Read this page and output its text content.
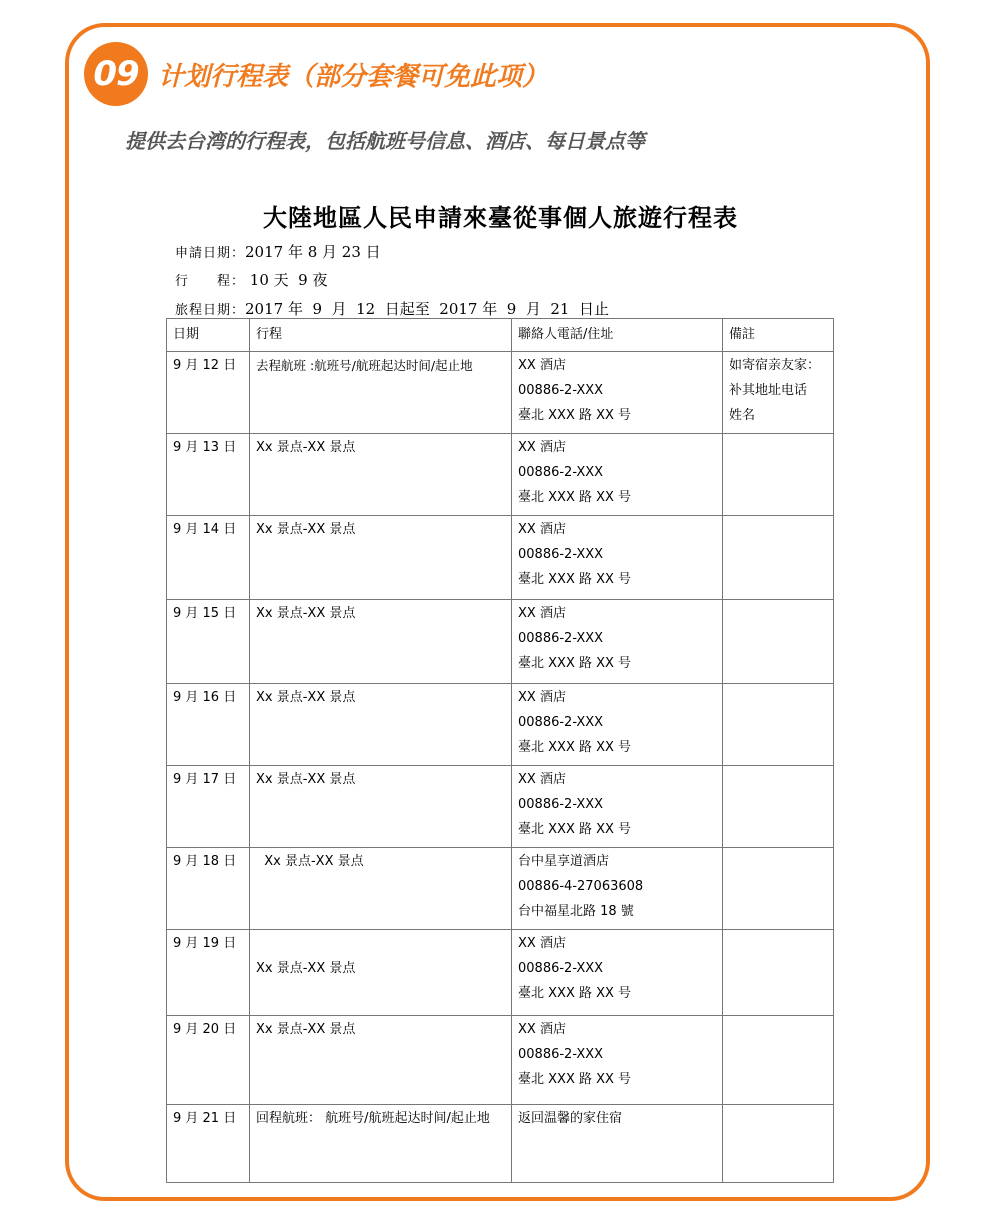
09 计划行程表（部分套餐可免此项）
提供去台湾的行程表，包括航班号信息、酒店、每日景点等
大陸地區人民申請來臺從事個人旅遊行程表
申請日期：2017 年 8 月 23 日
行　　程： 10 天  9 夜
旅程日期：2017 年  9  月  12  日起至  2017 年  9  月  21  日止
日期	行程	聯絡人電話/住址	備註
9 月 12 日	去程航班 :航班号/航班起达时间/起止地	XX 酒店
00886-2-XXX
臺北 XXX 路 XX 号	如寄宿亲友家：
补其地址电话
姓名

9 月 13 日	Xx 景点-XX 景点	XX 酒店
00886-2-XXX
臺北 XXX 路 XX 号	

9 月 14 日	Xx 景点-XX 景点	XX 酒店
00886-2-XXX
臺北 XXX 路 XX 号	

9 月 15 日	Xx 景点-XX 景点	XX 酒店
00886-2-XXX
臺北 XXX 路 XX 号	

9 月 16 日	Xx 景点-XX 景点	XX 酒店
00886-2-XXX
臺北 XXX 路 XX 号	

9 月 17 日	Xx 景点-XX 景点	XX 酒店
00886-2-XXX
臺北 XXX 路 XX 号	

9 月 18 日	Xx 景点-XX 景点	台中星享道酒店
00886-4-27063608
台中福星北路 18 號	

9 月 19 日	Xx 景点-XX 景点	XX 酒店
00886-2-XXX
臺北 XXX 路 XX 号	

9 月 20 日	Xx 景点-XX 景点	XX 酒店
00886-2-XXX
臺北 XXX 路 XX 号	

9 月 21 日	回程航班： 航班号/航班起达时间/起止地	返回温馨的家住宿	
